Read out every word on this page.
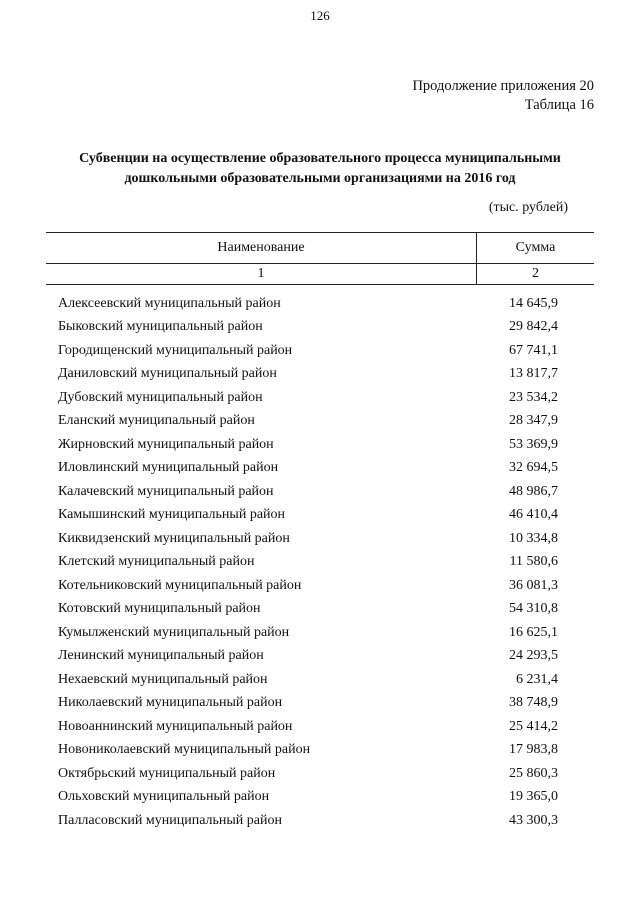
126
Продолжение приложения 20
Таблица 16
Субвенции на осуществление образовательного процесса муниципальными
дошкольными образовательными организациями на 2016 год
(тыс. рублей)
Наименование	Сумма
1	2
Алексеевский муниципальный район	14 645,9
Быковский муниципальный район	29 842,4
Городищенский муниципальный район	67 741,1
Даниловский муниципальный район	13 817,7
Дубовский муниципальный район	23 534,2
Еланский муниципальный район	28 347,9
Жирновский муниципальный район	53 369,9
Иловлинский муниципальный район	32 694,5
Калачевский муниципальный район	48 986,7
Камышинский муниципальный район	46 410,4
Киквидзенский муниципальный район	10 334,8
Клетский муниципальный район	11 580,6
Котельниковский муниципальный район	36 081,3
Котовский муниципальный район	54 310,8
Кумылженский муниципальный район	16 625,1
Ленинский муниципальный район	24 293,5
Нехаевский муниципальный район	6 231,4
Николаевский муниципальный район	38 748,9
Новоаннинский муниципальный район	25 414,2
Новониколаевский муниципальный район	17 983,8
Октябрьский муниципальный район	25 860,3
Ольховский муниципальный район	19 365,0
Палласовский муниципальный район	43 300,3
